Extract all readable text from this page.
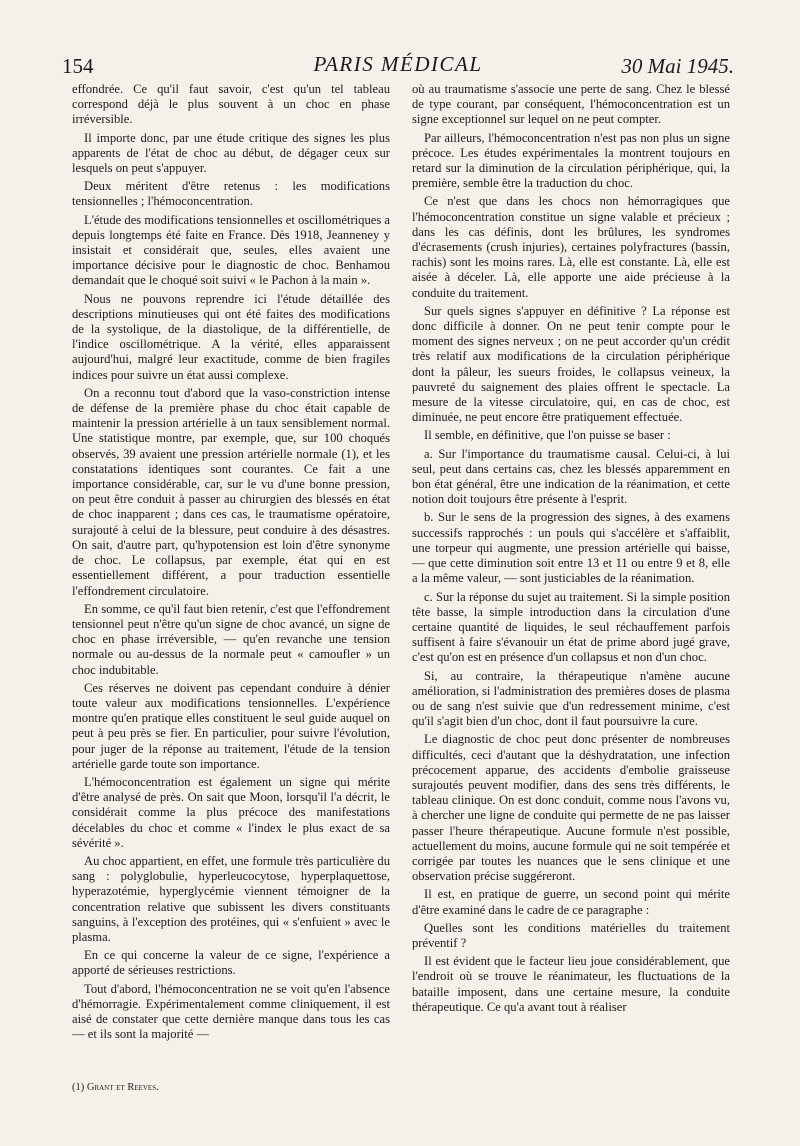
154	PARIS MÉDICAL	30 Mai 1945.

effondrée. Ce qu'il faut savoir, c'est qu'un tel tableau correspond déjà le plus souvent à un choc en phase irréversible.

Il importe donc, par une étude critique des signes les plus apparents de l'état de choc au début, de dégager ceux sur lesquels on peut s'appuyer.

Deux méritent d'être retenus : les modifications tensionnelles ; l'hémoconcentration.

L'étude des modifications tensionnelles et oscillométriques a depuis longtemps été faite en France. Dès 1918, Jeanneney y insistait et considérait que, seules, elles avaient une importance décisive pour le diagnostic de choc. Benhamou demandait que le choqué soit suivi « le Pachon à la main ».

Nous ne pouvons reprendre ici l'étude détaillée des descriptions minutieuses qui ont été faites des modifications de la systolique, de la diastolique, de la différentielle, de l'indice oscillométrique. A la vérité, elles apparaissent aujourd'hui, malgré leur exactitude, comme de bien fragiles indices pour suivre un état aussi complexe.

On a reconnu tout d'abord que la vaso-constriction intense de défense de la première phase du choc était capable de maintenir la pression artérielle à un taux sensiblement normal. Une statistique montre, par exemple, que, sur 100 choqués observés, 39 avaient une pression artérielle normale (1), et les constatations identiques sont courantes. Ce fait a une importance considérable, car, sur le vu d'une bonne pression, on peut être conduit à passer au chirurgien des blessés en état de choc inapparent ; dans ces cas, le traumatisme opératoire, surajouté à celui de la blessure, peut conduire à des désastres. On sait, d'autre part, qu'hypotension est loin d'être synonyme de choc. Le collapsus, par exemple, état qui en est essentiellement différent, a pour traduction essentielle l'effondrement circulatoire.

En somme, ce qu'il faut bien retenir, c'est que l'effondrement tensionnel peut n'être qu'un signe de choc avancé, un signe de choc en phase irréversible, — qu'en revanche une tension normale ou au-dessus de la normale peut « camoufler » un choc indubitable.

Ces réserves ne doivent pas cependant conduire à dénier toute valeur aux modifications tensionnelles. L'expérience montre qu'en pratique elles constituent le seul guide auquel on peut à peu près se fier. En particulier, pour suivre l'évolution, pour juger de la réponse au traitement, l'étude de la tension artérielle garde toute son importance.

L'hémoconcentration est également un signe qui mérite d'être analysé de près. On sait que Moon, lorsqu'il l'a décrit, le considérait comme la plus précoce des manifestations décelables du choc et comme « l'index le plus exact de sa sévérité ».

Au choc appartient, en effet, une formule très particulière du sang : polyglobulie, hyperleucocytose, hyperplaquettose, hyperazotémie, hyperglycémie viennent témoigner de la concentration relative que subissent les divers constituants sanguins, à l'exception des protéines, qui « s'enfuient » avec le plasma.

En ce qui concerne la valeur de ce signe, l'expérience a apporté de sérieuses restrictions.

Tout d'abord, l'hémoconcentration ne se voit qu'en l'absence d'hémorragie. Expérimentalement comme cliniquement, il est aisé de constater que cette dernière manque dans tous les cas — et ils sont la majorité —

où au traumatisme s'associe une perte de sang. Chez le blessé de type courant, par conséquent, l'hémoconcentration est un signe exceptionnel sur lequel on ne peut compter.

Par ailleurs, l'hémoconcentration n'est pas non plus un signe précoce. Les études expérimentales la montrent toujours en retard sur la diminution de la circulation périphérique, qui, la première, semble être la traduction du choc.

Ce n'est que dans les chocs non hémorragiques que l'hémoconcentration constitue un signe valable et précieux ; dans les cas définis, dont les brûlures, les syndromes d'écrasements (crush injuries), certaines polyfractures (bassin, rachis) sont les moins rares. Là, elle est constante. Là, elle est aisée à déceler. Là, elle apporte une aide précieuse à la conduite du traitement.

Sur quels signes s'appuyer en définitive ? La réponse est donc difficile à donner. On ne peut tenir compte pour le moment des signes nerveux ; on ne peut accorder qu'un crédit très relatif aux modifications de la circulation périphérique dont la pâleur, les sueurs froides, le collapsus veineux, la pauvreté du saignement des plaies offrent le spectacle. La mesure de la vitesse circulatoire, qui, en cas de choc, est diminuée, ne peut encore être pratiquement effectuée.

Il semble, en définitive, que l'on puisse se baser :

a. Sur l'importance du traumatisme causal. Celui-ci, à lui seul, peut dans certains cas, chez les blessés apparemment en bon état général, être une indication de la réanimation, et cette notion doit toujours être présente à l'esprit.

b. Sur le sens de la progression des signes, à des examens successifs rapprochés : un pouls qui s'accélère et s'affaiblit, une torpeur qui augmente, une pression artérielle qui baisse, — que cette diminution soit entre 13 et 11 ou entre 9 et 8, elle a la même valeur, — sont justiciables de la réanimation.

c. Sur la réponse du sujet au traitement. Si la simple position tête basse, la simple introduction dans la circulation d'une certaine quantité de liquides, le seul réchauffement parfois suffisent à faire s'évanouir un état de prime abord jugé grave, c'est qu'on est en présence d'un collapsus et non d'un choc.

Si, au contraire, la thérapeutique n'amène aucune amélioration, si l'administration des premières doses de plasma ou de sang n'est suivie que d'un redressement minime, c'est qu'il s'agit bien d'un choc, dont il faut poursuivre la cure.

Le diagnostic de choc peut donc présenter de nombreuses difficultés, ceci d'autant que la déshydratation, une infection précocement apparue, des accidents d'embolie graisseuse surajoutés peuvent modifier, dans des sens très différents, le tableau clinique. On est donc conduit, comme nous l'avons vu, à chercher une ligne de conduite qui permette de ne pas laisser passer l'heure thérapeutique. Aucune formule n'est possible, actuellement du moins, aucune formule qui ne soit tempérée et corrigée par toutes les nuances que le sens clinique et une observation précise suggéreront.

Il est, en pratique de guerre, un second point qui mérite d'être examiné dans le cadre de ce paragraphe :

Quelles sont les conditions matérielles du traitement préventif ?

Il est évident que le facteur lieu joue considérablement, que l'endroit où se trouve le réanimateur, les fluctuations de la bataille imposent, dans une certaine mesure, la conduite thérapeutique. Ce qu'a avant tout à réaliser

(1) Grant et Reeves.
